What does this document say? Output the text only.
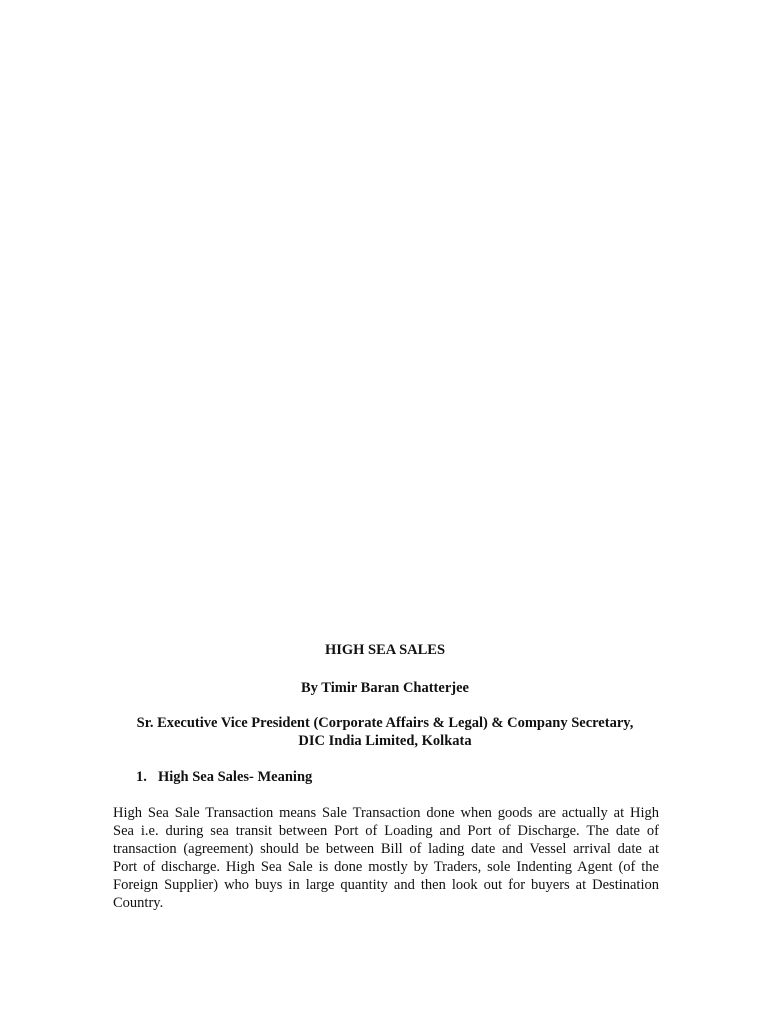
HIGH SEA SALES
By Timir Baran Chatterjee
Sr. Executive Vice President (Corporate Affairs & Legal) & Company Secretary,
DIC India Limited, Kolkata
1. High Sea Sales- Meaning
High Sea Sale Transaction means Sale Transaction done when goods are actually at High
Sea i.e. during sea transit between Port of Loading and Port of Discharge. The date of
transaction (agreement) should be between Bill of lading date and Vessel arrival date at
Port of discharge. High Sea Sale is done mostly by Traders, sole Indenting Agent (of the
Foreign Supplier) who buys in large quantity and then look out for buyers at Destination
Country.
